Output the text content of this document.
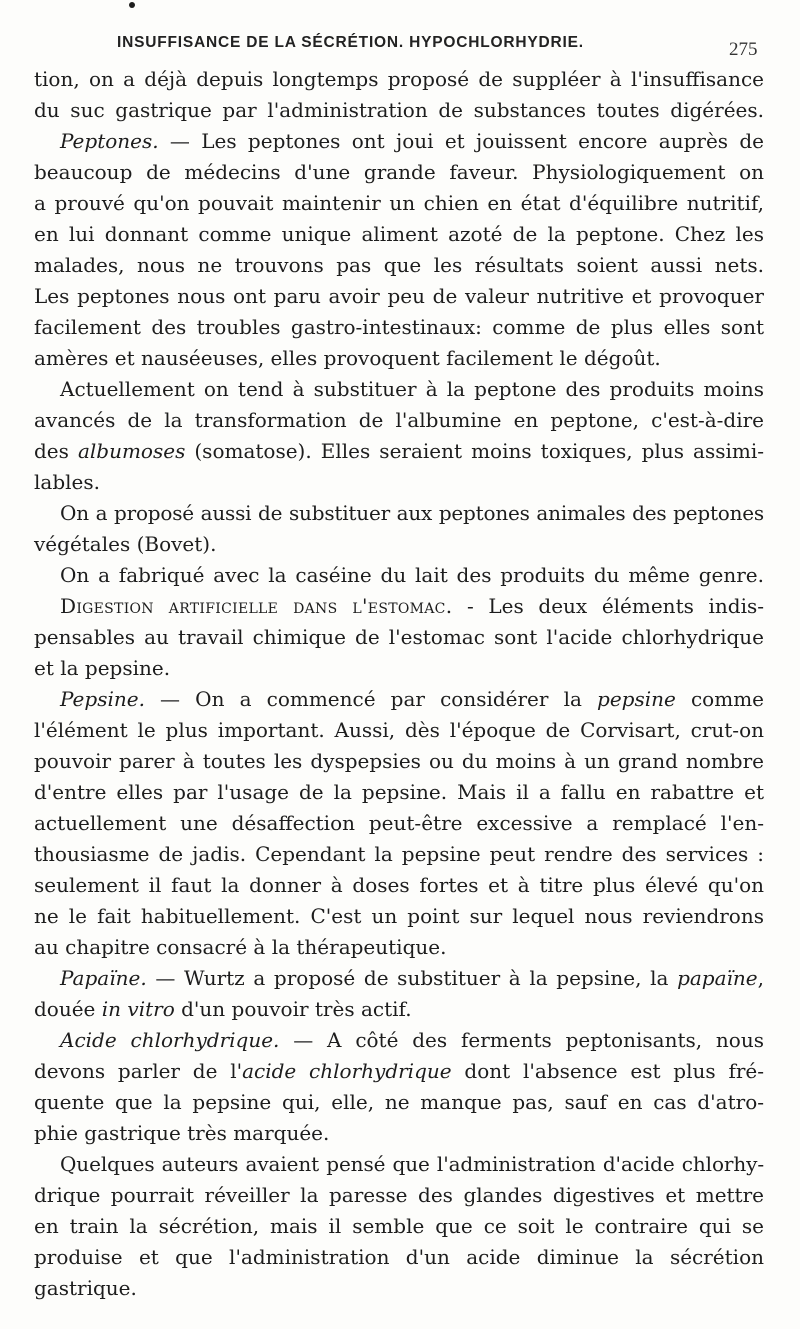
INSUFFISANCE DE LA SÉCRÉTION. HYPOCHLORHYDRIE.	275
tion, on a déjà depuis longtemps proposé de suppléer à l'insuffisance
du suc gastrique par l'administration de substances toutes digérées.
Peptones. — Les peptones ont joui et jouissent encore auprès de
beaucoup de médecins d'une grande faveur. Physiologiquement on
a prouvé qu'on pouvait maintenir un chien en état d'équilibre nutritif,
en lui donnant comme unique aliment azoté de la peptone. Chez les
malades, nous ne trouvons pas que les résultats soient aussi nets.
Les peptones nous ont paru avoir peu de valeur nutritive et provoquer
facilement des troubles gastro-intestinaux: comme de plus elles sont
amères et nauséeuses, elles provoquent facilement le dégoût.
Actuellement on tend à substituer à la peptone des produits moins
avancés de la transformation de l'albumine en peptone, c'est-à-dire
des albumoses (somatose). Elles seraient moins toxiques, plus assimi-
lables.
On a proposé aussi de substituer aux peptones animales des peptones
végétales (Bovet).
On a fabriqué avec la caséine du lait des produits du même genre.
Digestion artificielle dans l'estomac. - Les deux éléments indis-
pensables au travail chimique de l'estomac sont l'acide chlorhydrique
et la pepsine.
Pepsine. — On a commencé par considérer la pepsine comme
l'élément le plus important. Aussi, dès l'époque de Corvisart, crut-on
pouvoir parer à toutes les dyspepsies ou du moins à un grand nombre
d'entre elles par l'usage de la pepsine. Mais il a fallu en rabattre et
actuellement une désaffection peut-être excessive a remplacé l'en-
thousiasme de jadis. Cependant la pepsine peut rendre des services :
seulement il faut la donner à doses fortes et à titre plus élevé qu'on
ne le fait habituellement. C'est un point sur lequel nous reviendrons
au chapitre consacré à la thérapeutique.
Papaïne. — Wurtz a proposé de substituer à la pepsine, la papaïne,
douée in vitro d'un pouvoir très actif.
Acide chlorhydrique. — A côté des ferments peptonisants, nous
devons parler de l'acide chlorhydrique dont l'absence est plus fré-
quente que la pepsine qui, elle, ne manque pas, sauf en cas d'atro-
phie gastrique très marquée.
Quelques auteurs avaient pensé que l'administration d'acide chlorhy-
drique pourrait réveiller la paresse des glandes digestives et mettre
en train la sécrétion, mais il semble que ce soit le contraire qui se
produise et que l'administration d'un acide diminue la sécrétion
gastrique.
